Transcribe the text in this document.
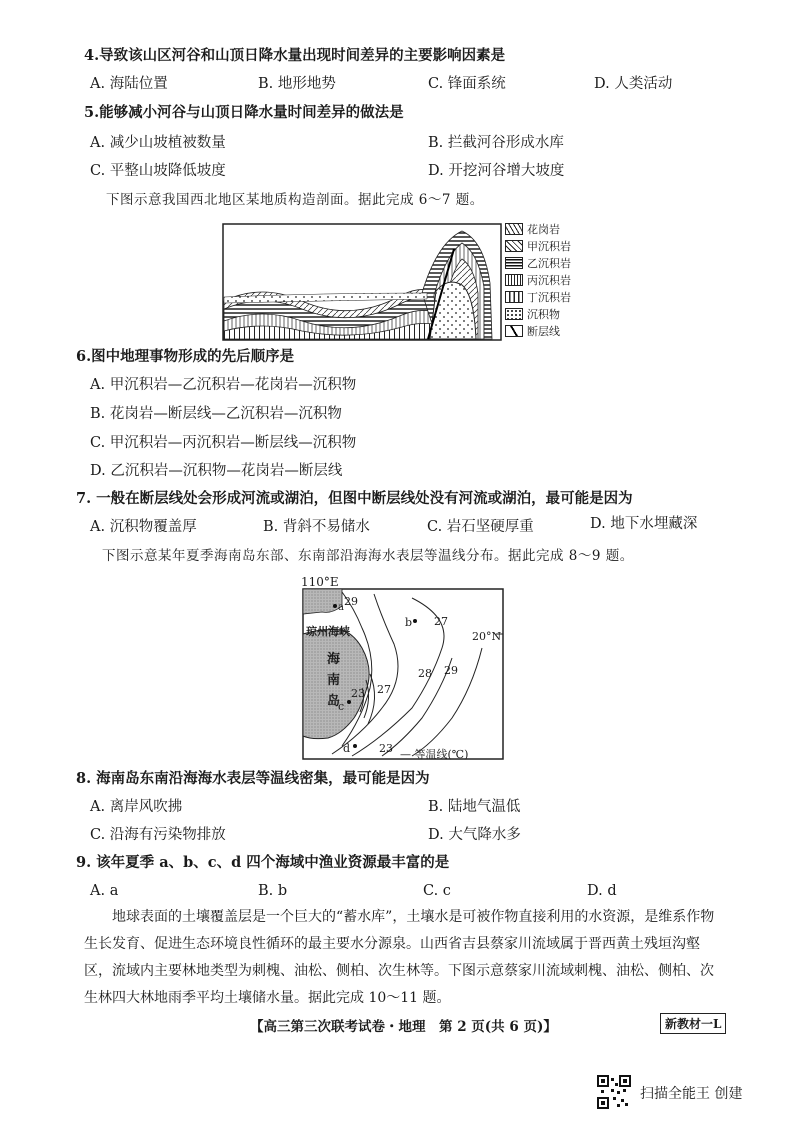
4.导致该山区河谷和山顶日降水量出现时间差异的主要影响因素是
A. 海陆位置	B. 地形地势	C. 锋面系统	D. 人类活动
5.能够减小河谷与山顶日降水量时间差异的做法是
A. 减少山坡植被数量	B. 拦截河谷形成水库
C. 平整山坡降低坡度	D. 开挖河谷增大坡度
下图示意我国西北地区某地质构造剖面。据此完成 6～7 题。
花岗岩
甲沉积岩
乙沉积岩
丙沉积岩
丁沉积岩
沉积物
断层线
6.图中地理事物形成的先后顺序是
A. 甲沉积岩—乙沉积岩—花岗岩—沉积物
B. 花岗岩—断层线—乙沉积岩—沉积物
C. 甲沉积岩—丙沉积岩—断层线—沉积物
D. 乙沉积岩—沉积物—花岗岩—断层线
7. 一般在断层线处会形成河流或湖泊，但图中断层线处没有河流或湖泊，最可能是因为
A. 沉积物覆盖厚	B. 背斜不易储水	C. 岩石坚硬厚重	D. 地下水埋藏深
下图示意某年夏季海南岛东部、东南部沿海海水表层等温线分布。据此完成 8～9 题。
110°E
29
27
28 29
27
23
23
20°N
琼州海峡
海
南
岛
a
b
c
d	— 等温线(℃)
8. 海南岛东南沿海海水表层等温线密集，最可能是因为
A. 离岸风吹拂	B. 陆地气温低
C. 沿海有污染物排放	D. 大气降水多
9. 该年夏季 a、b、c、d 四个海域中渔业资源最丰富的是
A. a	B. b	C. c	D. d
地球表面的土壤覆盖层是一个巨大的“蓄水库”，土壤水是可被作物直接利用的水资源，是维系作物生长发育、促进生态环境良性循环的最主要水分源泉。山西省吉县蔡家川流域属于晋西黄土残垣沟壑区，流域内主要林地类型为刺槐、油松、侧柏、次生林等。下图示意蔡家川流域刺槐、油松、侧柏、次生林四大林地雨季平均土壤储水量。据此完成 10～11 题。
【高三第三次联考试卷・地理　第 2 页(共 6 页)】	新教材一L
扫描全能王 创建
